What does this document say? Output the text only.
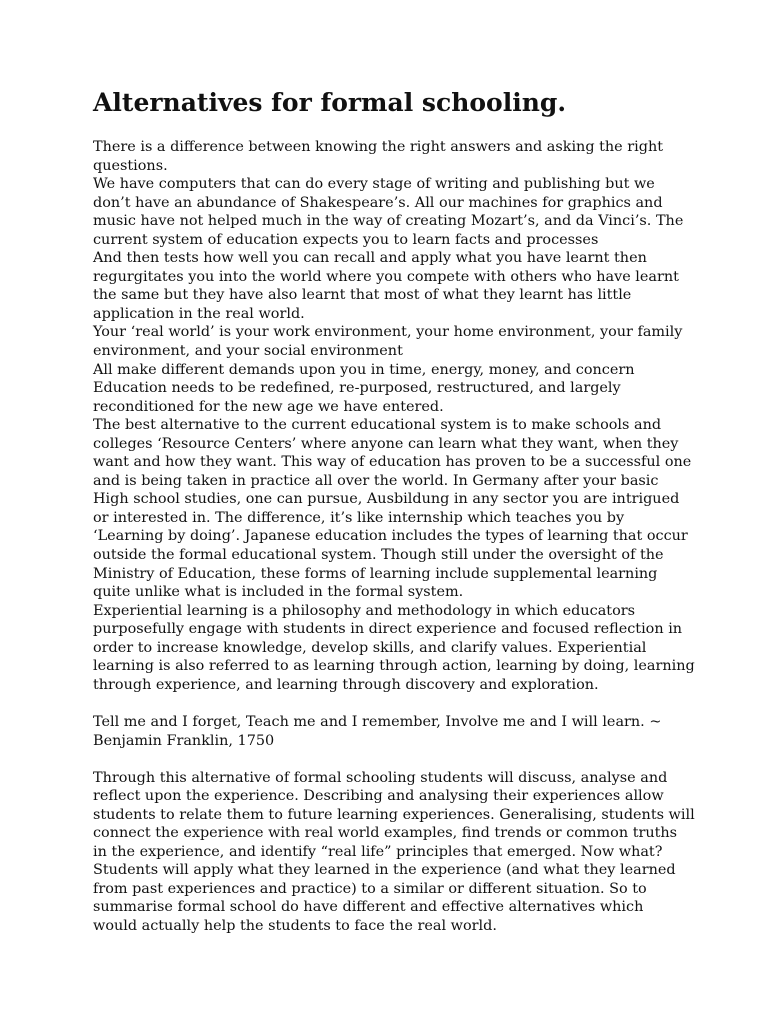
Alternatives for formal schooling.
There is a difference between knowing the right answers and asking the right
questions.
We have computers that can do every stage of writing and publishing but we
don’t have an abundance of Shakespeare’s. All our machines for graphics and
music have not helped much in the way of creating Mozart’s, and da Vinci’s. The
current system of education expects you to learn facts and processes
And then tests how well you can recall and apply what you have learnt then
regurgitates you into the world where you compete with others who have learnt
the same but they have also learnt that most of what they learnt has little
application in the real world.
Your ‘real world’ is your work environment, your home environment, your family
environment, and your social environment
All make different demands upon you in time, energy, money, and concern
Education needs to be redefined, re-purposed, restructured, and largely
reconditioned for the new age we have entered.
The best alternative to the current educational system is to make schools and
colleges ‘Resource Centers’ where anyone can learn what they want, when they
want and how they want. This way of education has proven to be a successful one
and is being taken in practice all over the world. In Germany after your basic
High school studies, one can pursue, Ausbildung in any sector you are intrigued
or interested in. The difference, it’s like internship which teaches you by
‘Learning by doing’. Japanese education includes the types of learning that occur
outside the formal educational system. Though still under the oversight of the
Ministry of Education, these forms of learning include supplemental learning
quite unlike what is included in the formal system.
Experiential learning is a philosophy and methodology in which educators
purposefully engage with students in direct experience and focused reflection in
order to increase knowledge, develop skills, and clarify values. Experiential
learning is also referred to as learning through action, learning by doing, learning
through experience, and learning through discovery and exploration.
Tell me and I forget, Teach me and I remember, Involve me and I will learn. ~
Benjamin Franklin, 1750
Through this alternative of formal schooling students will discuss, analyse and
reflect upon the experience. Describing and analysing their experiences allow
students to relate them to future learning experiences. Generalising, students will
connect the experience with real world examples, find trends or common truths
in the experience, and identify “real life” principles that emerged. Now what?
Students will apply what they learned in the experience (and what they learned
from past experiences and practice) to a similar or different situation. So to
summarise formal school do have different and effective alternatives which
would actually help the students to face the real world.
